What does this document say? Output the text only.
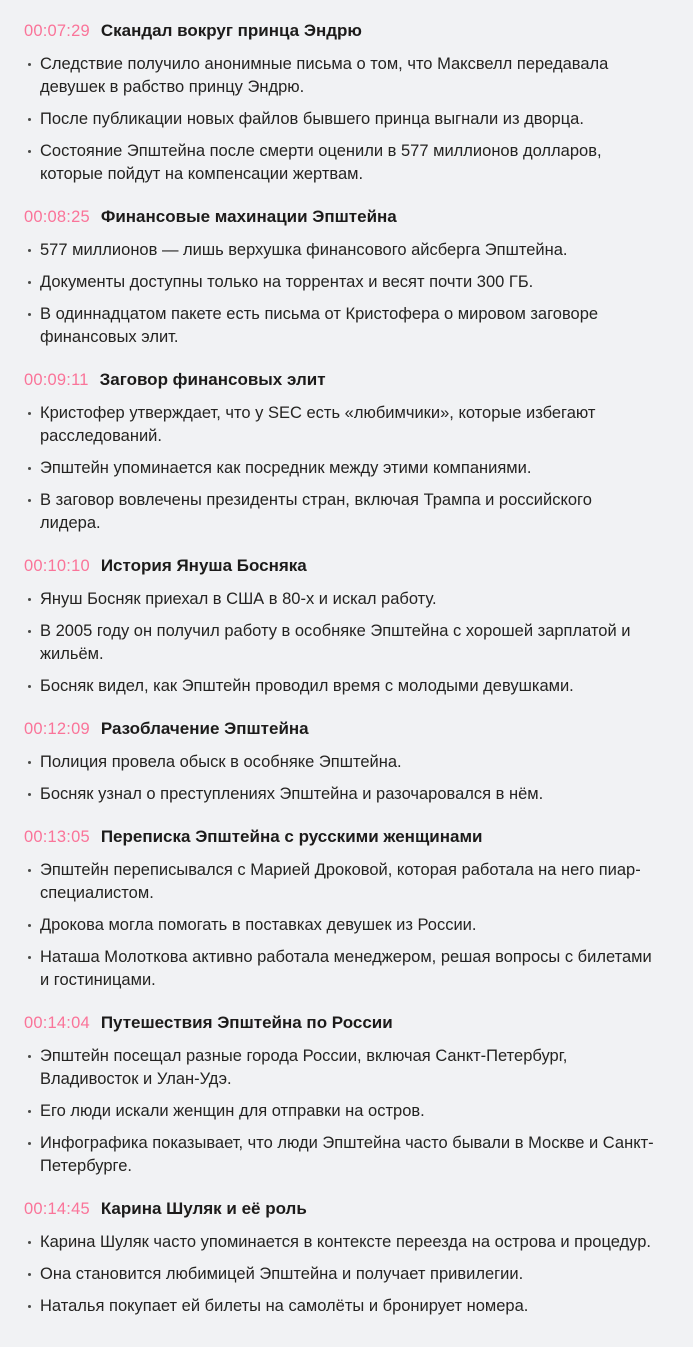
00:07:29 Скандал вокруг принца Эндрю
Следствие получило анонимные письма о том, что Максвелл передавала девушек в рабство принцу Эндрю.
После публикации новых файлов бывшего принца выгнали из дворца.
Состояние Эпштейна после смерти оценили в 577 миллионов долларов, которые пойдут на компенсации жертвам.
00:08:25 Финансовые махинации Эпштейна
577 миллионов — лишь верхушка финансового айсберга Эпштейна.
Документы доступны только на торрентах и весят почти 300 ГБ.
В одиннадцатом пакете есть письма от Кристофера о мировом заговоре финансовых элит.
00:09:11 Заговор финансовых элит
Кристофер утверждает, что у SEC есть «любимчики», которые избегают расследований.
Эпштейн упоминается как посредник между этими компаниями.
В заговор вовлечены президенты стран, включая Трампа и российского лидера.
00:10:10 История Януша Босняка
Януш Босняк приехал в США в 80-х и искал работу.
В 2005 году он получил работу в особняке Эпштейна с хорошей зарплатой и жильём.
Босняк видел, как Эпштейн проводил время с молодыми девушками.
00:12:09 Разоблачение Эпштейна
Полиция провела обыск в особняке Эпштейна.
Босняк узнал о преступлениях Эпштейна и разочаровался в нём.
00:13:05 Переписка Эпштейна с русскими женщинами
Эпштейн переписывался с Марией Дроковой, которая работала на него пиар-специалистом.
Дрокова могла помогать в поставках девушек из России.
Наташа Молоткова активно работала менеджером, решая вопросы с билетами и гостиницами.
00:14:04 Путешествия Эпштейна по России
Эпштейн посещал разные города России, включая Санкт-Петербург, Владивосток и Улан-Удэ.
Его люди искали женщин для отправки на остров.
Инфографика показывает, что люди Эпштейна часто бывали в Москве и Санкт-Петербурге.
00:14:45 Карина Шуляк и её роль
Карина Шуляк часто упоминается в контексте переезда на острова и процедур.
Она становится любимицей Эпштейна и получает привилегии.
Наталья покупает ей билеты на самолёты и бронирует номера.
